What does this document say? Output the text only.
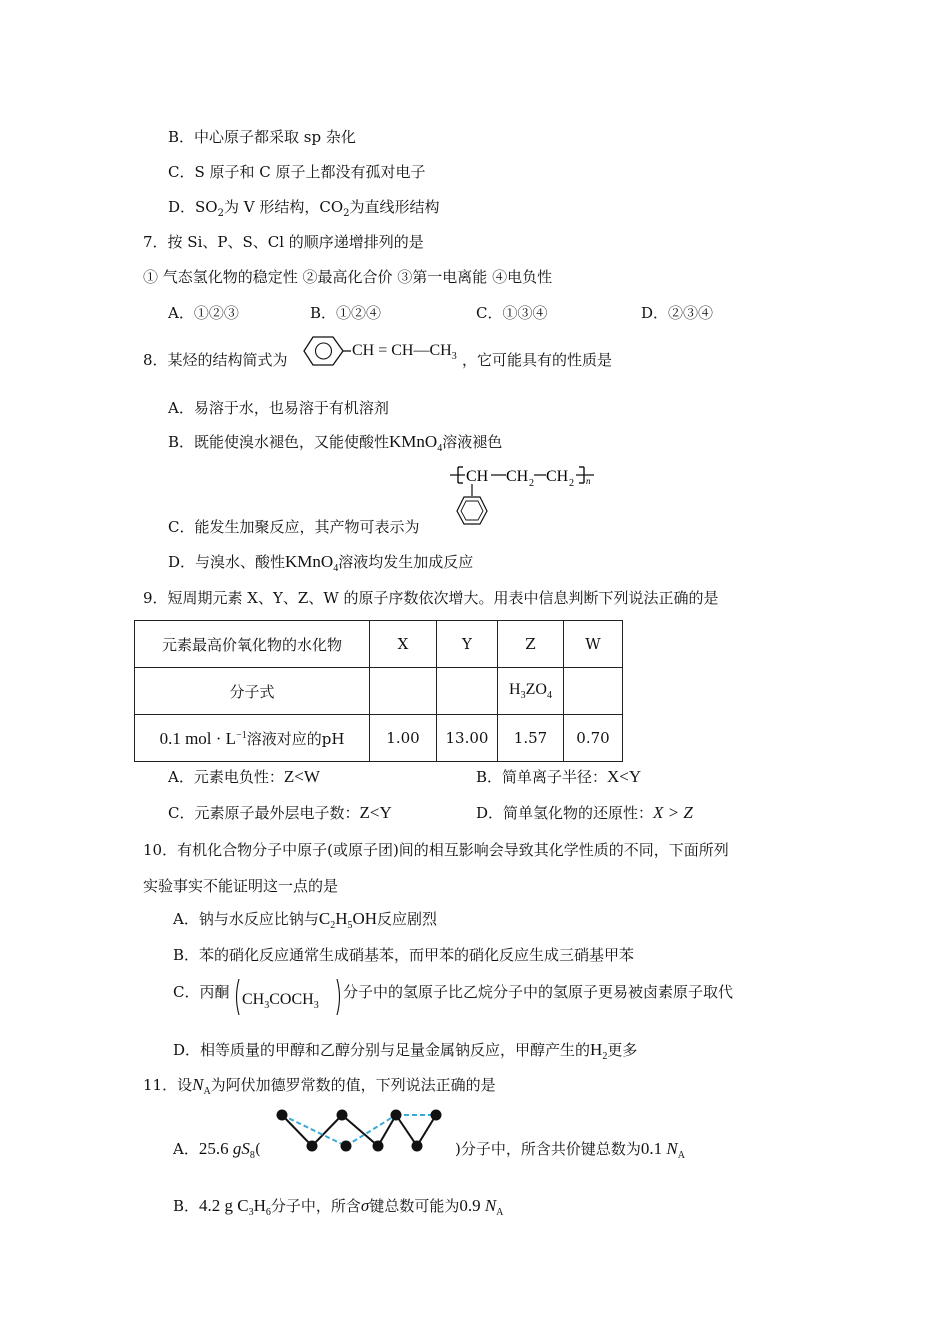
B．中心原子都采取 sp 杂化
C．S 原子和 C 原子上都没有孤对电子
D．$SO_2$为 V 形结构，$CO_2$为直线形结构
7．按 Si、P、S、Cl 的顺序递增排列的是
① 气态氢化物的稳定性 ②最高化合价 ③第一电离能 ④电负性
A．①②③	B．①②④	C．①③④	D．②③④
8．某烃的结构简式为
CH = $CH—CH_3$ ，它可能具有的性质是
A．易溶于水，也易溶于有机溶剂
B．既能使溴水褪色，又能使酸性KMnO$_4$溶液褪色
CH CH 2 CH 2 n
C．能发生加聚反应，其产物可表示为
D．与溴水、酸性KMnO$_4$溶液均发生加成反应
9．短周期元素 X、Y、Z、W 的原子序数依次增大。用表中信息判断下列说法正确的是
元素最高价氧化物的水化物	X	Y	Z	W
分子式			$H_3ZO_4$	
0.1 mol · $L^{-1}$溶液对应的pH	1.00	13.00	1.57	0.70
A．元素电负性：Z<W	B．简单离子半径：X<Y
C．元素原子最外层电子数：Z<Y	D．简单氢化物的还原性：X > Z
10．有机化合物分子中原子(或原子团)间的相互影响会导致其化学性质的不同，下面所列
实验事实不能证明这一点的是
A．钠与水反应比钠与$C_2H_5OH$反应剧烈
B．苯的硝化反应通常生成硝基苯，而甲苯的硝化反应生成三硝基甲苯
C．丙酮 $CH_3COCH_3$
分子中的氢原子比乙烷分子中的氢原子更易被卤素原子取代
D．相等质量的甲醇和乙醇分别与足量金属钠反应，甲醇产生的$H_2$更多
11．设$N_A$为阿伏加德罗常数的值，下列说法正确的是
A．25.6 $gS_8$(	)分子中，所含共价键总数为0.1 $N_A$
B．4.2 g $C_3H_6$分子中，所含σ键总数可能为0.9 $N_A$
